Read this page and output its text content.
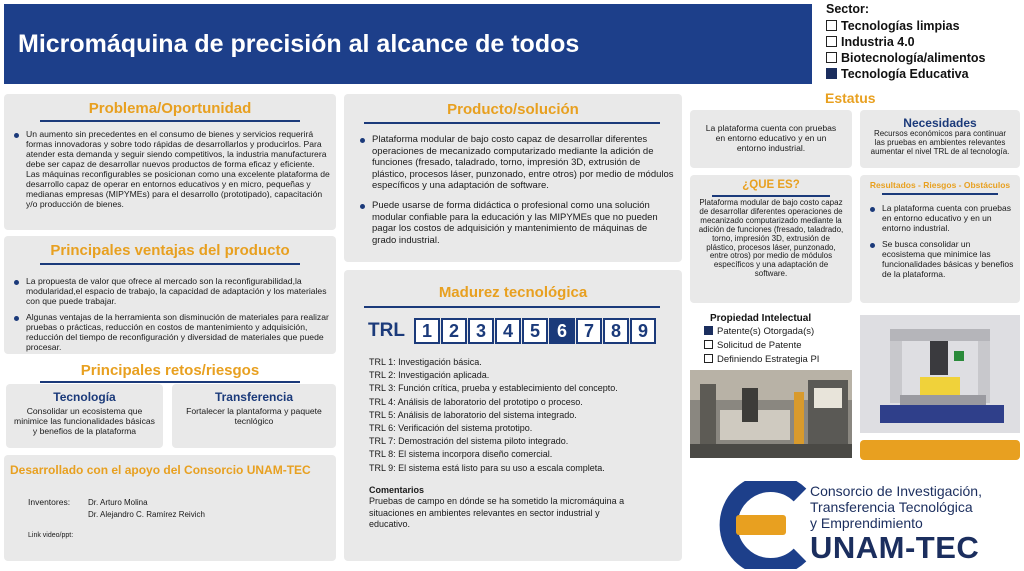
Micromáquina de precisión al alcance de todos
Sector:
Tecnologías limpias
Industria 4.0
Biotecnología/alimentos
Tecnología Educativa
Problema/Oportunidad
Un aumento sin precedentes en el consumo de bienes y servicios requerirá formas innovadoras y sobre todo rápidas de desarrollarlos y producirlos. Para atender esta demanda y seguir siendo competitivos, la industria manufacturera debe ser capaz de desarrollar nuevos productos de forma eficaz y eficiente. Las máquinas reconfigurables se posicionan como una excelente plataforma de desarrollo capaz de operar en entornos educativos y en micro, pequeñas y medianas empresas (MIPYMEs) para el desarrollo (prototipado), capacitación y/o producción de bienes.
Principales ventajas del producto
La propuesta de valor que ofrece al mercado son la reconfigurabilidad,la modularidad,el espacio de trabajo, la capacidad de adaptación y los materiales con que puede trabajar.
Algunas ventajas de la herramienta son disminución de materiales para realizar pruebas o prácticas, reducción en costos de mantenimiento y adquisición, reducción del tiempo de reconfiguración y diversidad de materiales que puede procesar.
Principales retos/riesgos
Tecnología
Consolidar un ecosistema que minimice las funcionalidades básicas y benefios de la plataforma
Transferencia
Fortalecer la plantaforma y paquete tecnlógico
Desarrollado con el apoyo del Consorcio UNAM-TEC
Inventores: Dr. Arturo Molina
Dr. Alejandro C. Ramírez Reivich
Link video/ppt:
Producto/solución
Plataforma modular de bajo costo capaz de desarrollar diferentes operaciones de mecanizado computarizado mediante la adición de funciones (fresado, taladrado, torno, impresión 3D, extrusión de plástico, procesos láser, punzonado, entre otros) por medio de módulos específicos y una adaptación de software.
Puede usarse de forma didáctica o profesional como una solución modular confiable para la educación y las MIPYMEs que no pueden pagar los costos de adquisición y mantenimiento de máquinas de grado industrial.
Madurez tecnológica
TRL 1 2 3 4 5 6 7 8 9
TRL 1: Investigación básica.
TRL 2: Investigación aplicada.
TRL 3: Función crítica, prueba y establecimiento del concepto.
TRL 4: Análisis de laboratorio del prototipo o proceso.
TRL 5: Análisis de laboratorio del sistema integrado.
TRL 6: Verificación del sistema prototipo.
TRL 7: Demostración del sistema piloto integrado.
TRL 8: El sistema incorpora diseño comercial.
TRL 9: El sistema está listo para su uso a escala completa.
Comentarios
Pruebas de campo en dónde se ha sometido la micromáquina a situaciones en ambientes relevantes en sector industrial y educativo.
Estatus
La plataforma cuenta con pruebas en entorno educativo y en un entorno industrial.
Necesidades
Recursos económicos para continuar las pruebas en ambientes relevantes aumentar el nivel TRL de al tecnología.
¿QUE ES?
Plataforma modular de bajo costo capaz de desarrollar diferentes operaciones de mecanizado computarizado mediante la adición de funciones (fresado, taladrado, torno, impresión 3D, extrusión de plástico, procesos láser, punzonado, entre otros) por medio de módulos específicos y una adaptación de software.
Resultados - Riesgos - Obstáculos
La plataforma cuenta con pruebas en entorno educativo y en un entorno industrial.
Se busca consolidar un ecosistema que minimice las funcionalidades básicas y benefios de la plataforma.
Propiedad Intelectual
Patente(s) Otorgada(s)
Solicitud de Patente
Definiendo Estrategia PI
Consorcio de Investigación,
Transferencia Tecnológica
y Emprendimiento
UNAM-TEC
